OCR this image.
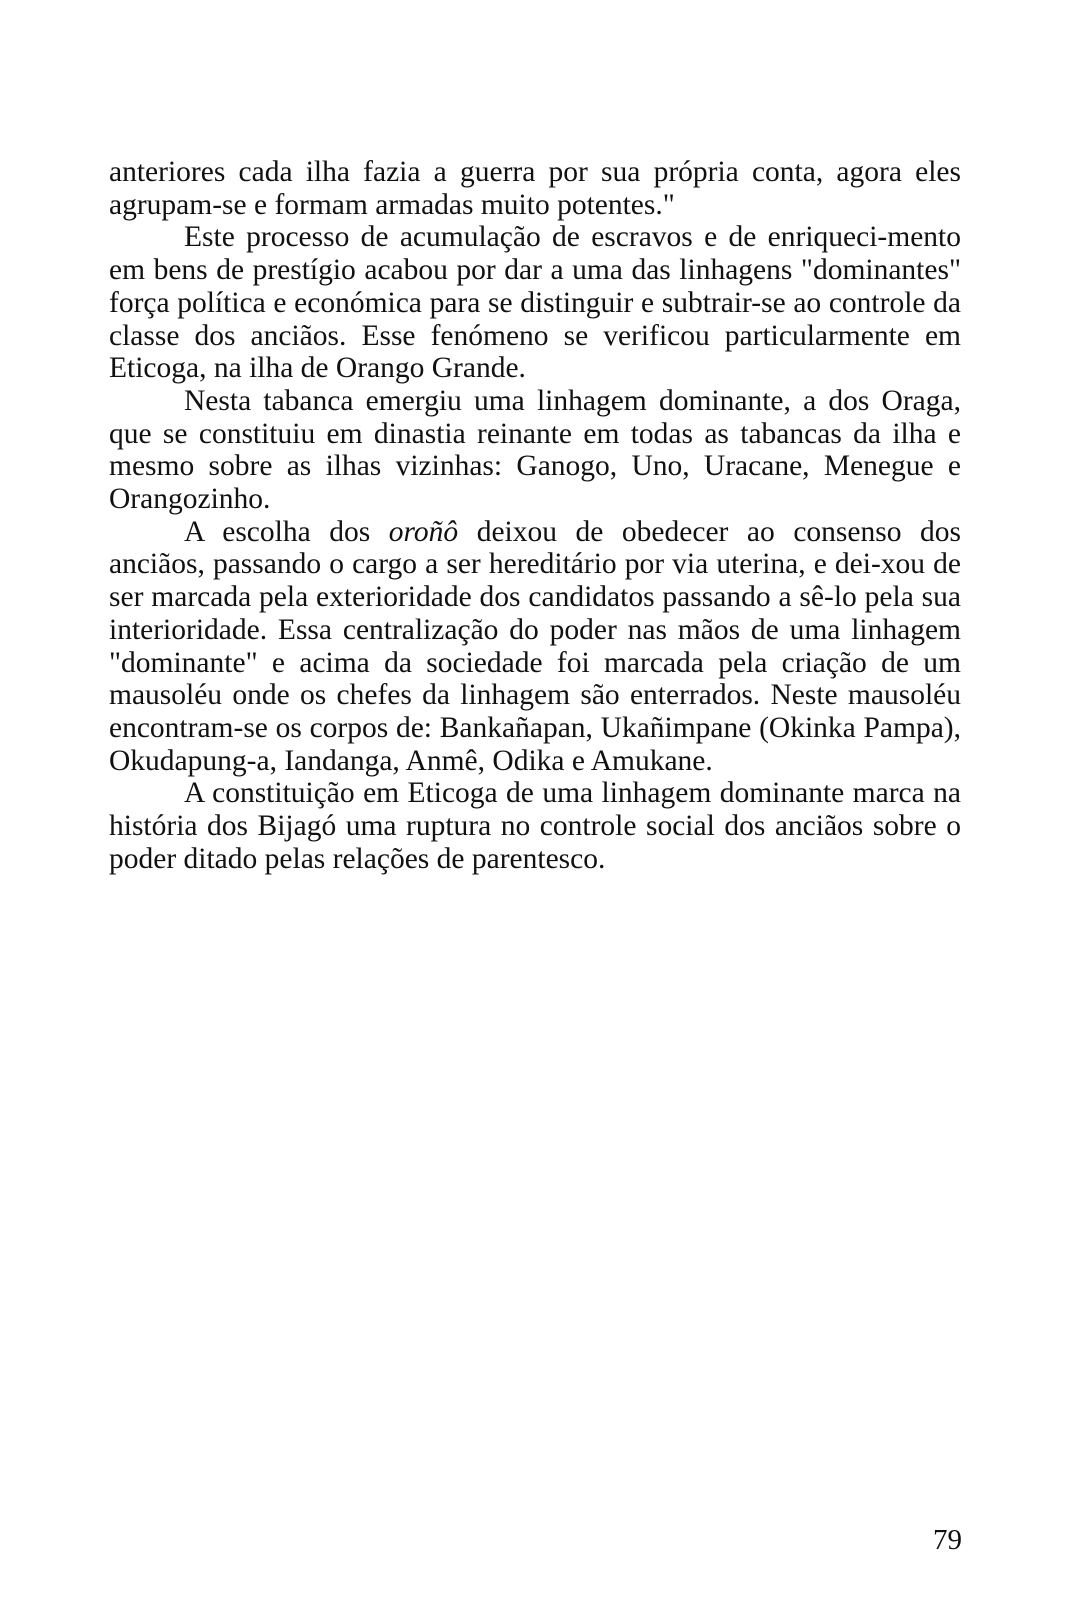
anteriores cada ilha fazia a guerra por sua própria conta, agora eles agrupam-se e formam armadas muito potentes."

Este processo de acumulação de escravos e de enriqueci-mento em bens de prestígio acabou por dar a uma das linhagens "dominantes" força política e económica para se distinguir e subtrair-se ao controle da classe dos anciãos. Esse fenómeno se verificou particularmente em Eticoga, na ilha de Orango Grande.

Nesta tabanca emergiu uma linhagem dominante, a dos Oraga, que se constituiu em dinastia reinante em todas as tabancas da ilha e mesmo sobre as ilhas vizinhas: Ganogo, Uno, Uracane, Menegue e Orangozinho.

A escolha dos oroñô deixou de obedecer ao consenso dos anciãos, passando o cargo a ser hereditário por via uterina, e dei-xou de ser marcada pela exterioridade dos candidatos passando a sê-lo pela sua interioridade. Essa centralização do poder nas mãos de uma linhagem "dominante" e acima da sociedade foi marcada pela criação de um mausoléu onde os chefes da linhagem são enterrados. Neste mausoléu encontram-se os corpos de: Bankañapan, Ukañimpane (Okinka Pampa), Okudapung-a, Iandanga, Anmê, Odika e Amukane.

A constituição em Eticoga de uma linhagem dominante marca na história dos Bijagó uma ruptura no controle social dos anciãos sobre o poder ditado pelas relações de parentesco.

79
